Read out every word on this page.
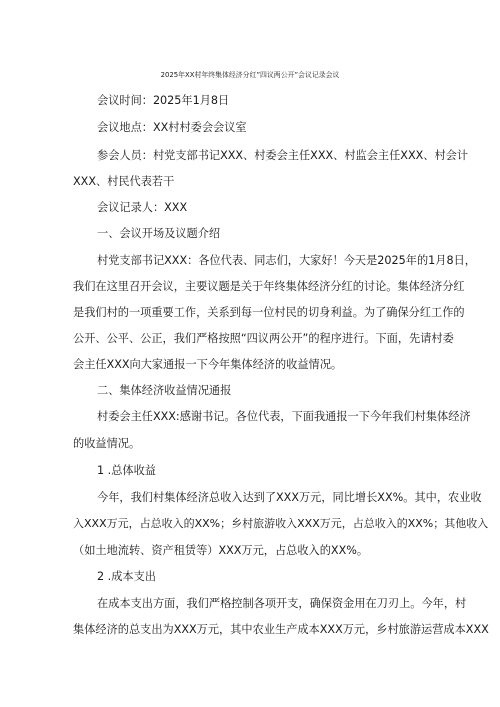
2025年XX村年终集体经济分红”四议两公开”会议记录会议
会议时间：2025年1月8日
会议地点：XX村村委会会议室
参会人员：村党支部书记XXX、村委会主任XXX、村监会主任XXX、村会计
XXX、村民代表若干
会议记录人：XXX
一、会议开场及议题介绍
村党支部书记XXX：各位代表、同志们，大家好！今天是2025年的1月8日，
我们在这里召开会议，主要议题是关于年终集体经济分红的讨论。集体经济分红
是我们村的一项重要工作，关系到每一位村民的切身利益。为了确保分红工作的
公开、公平、公正，我们严格按照“四议两公开”的程序进行。下面，先请村委
会主任XXX向大家通报一下今年集体经济的收益情况。
二、集体经济收益情况通报
村委会主任XXX:感谢书记。各位代表，下面我通报一下今年我们村集体经济
的收益情况。
1 .总体收益
今年，我们村集体经济总收入达到了XXX万元，同比增长XX%。其中，农业收
入XXX万元，占总收入的XX%；乡村旅游收入XXX万元，占总收入的XX%；其他收入
（如土地流转、资产租赁等）XXX万元，占总收入的XX%。
2 .成本支出
在成本支出方面，我们严格控制各项开支，确保资金用在刀刃上。今年，村
集体经济的总支出为XXX万元，其中农业生产成本XXX万元，乡村旅游运营成本XXX
